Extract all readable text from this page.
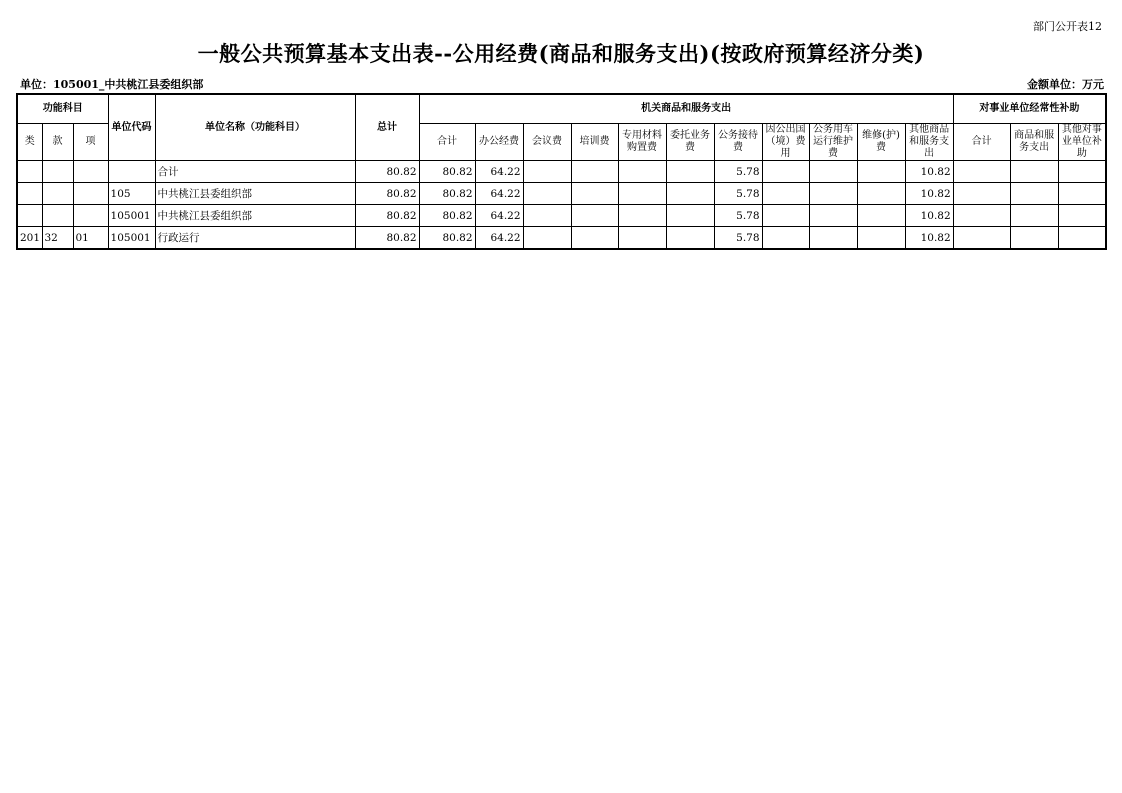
部门公开表12
一般公共预算基本支出表--公用经费(商品和服务支出)(按政府预算经济分类)
单位：105001_中共桃江县委组织部	金额单位：万元
功能科目			单位代码	单位名称（功能科目）	总计	机关商品和服务支出											对事业单位经常性补助		
类	款	项				合计	办公经费	会议费	培训费	专用材料购置费	委托业务费	公务接待费	因公出国（境）费用	公务用车运行维护费	维修(护)费	其他商品和服务支出	合计	商品和服务支出	其他对事业单位补助
				合计	80.82	80.82	64.22					5.78				10.82			
			105	中共桃江县委组织部	80.82	80.82	64.22					5.78				10.82			
			105001	中共桃江县委组织部	80.82	80.82	64.22					5.78				10.82			
201	32	01	105001	行政运行	80.82	80.82	64.22					5.78				10.82			
